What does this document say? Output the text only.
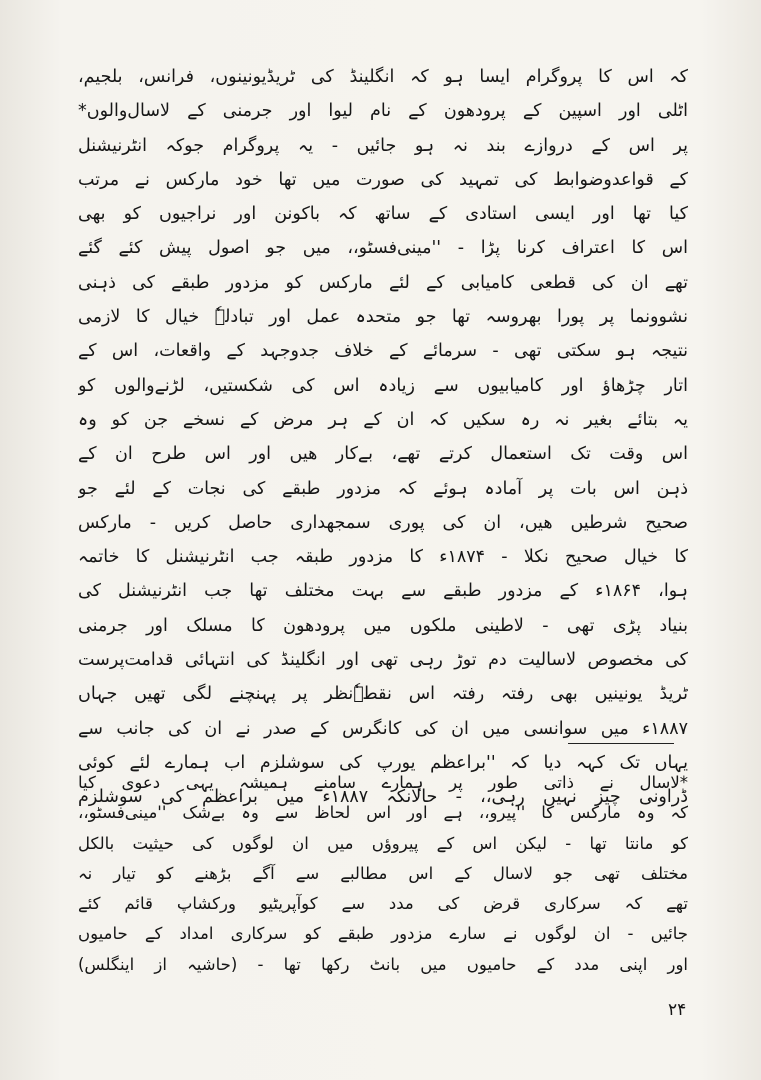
کہ اس کا پروگرام ایسا ہو کہ انگلینڈ کی ٹریڈیونینوں، فرانس، بلجیم،
اٹلی اور اسپین کے پرودھون کے نام لیوا اور جرمنی کے لاسال‌والوں*
پر اس کے دروازے بند نہ ہو جائیں - یہ پروگرام جوکہ انٹرنیشنل
کے قواعدوضوابط کی تمہید کی صورت میں تھا خود مارکس نے مرتب
کیا تھا اور ایسی استادی کے ساتھ کہ باکونن اور نراجیوں کو بھی
اس کا اعتراف کرنا پڑا - ''مینی‌فسٹو،، میں جو اصول پیش کئے گئے
تھے ان کی قطعی کامیابی کے لئے مارکس کو مزدور طبقے کی ذہنی
نشوونما پر پورا بھروسہ تھا جو متحدہ عمل اور تبادلہٗ خیال کا لازمی
نتیجہ ہو سکتی تھی - سرمائے کے خلاف جدوجہد کے واقعات، اس کے
اتار چڑھاؤ اور کامیابیوں سے زیادہ اس کی شکستیں، لڑنےوالوں کو
یہ بتائے بغیر نہ رہ سکیں کہ ان کے ہر مرض کے نسخے جن کو وہ
اس وقت تک استعمال کرتے تھے، بےکار ھیں اور اس طرح ان کے
ذہن اس بات پر آمادہ ہوئے کہ مزدور طبقے کی نجات کے لئے جو
صحیح شرطیں ھیں، ان کی پوری سمجھداری حاصل کریں - مارکس
کا خیال صحیح نکلا - ۱۸۷۴ء کا مزدور طبقہ جب انٹرنیشنل کا خاتمہ
ہوا، ۱۸۶۴ء کے مزدور طبقے سے بہت مختلف تھا جب انٹرنیشنل کی
بنیاد پڑی تھی - لاطینی ملکوں میں پرودھون کا مسلک اور جرمنی
کی مخصوص لاسالیت دم توڑ رہی تھی اور انگلینڈ کی انتہائی قدامت‌پرست
ٹریڈ یونینیں بھی رفتہ رفتہ اس نقطہٗ‌نظر پر پہنچنے لگی تھیں جہاں
۱۸۸۷ء میں سوانسی میں ان کی کانگرس کے صدر نے ان کی جانب سے
یہاں تک کہہ دیا کہ ''براعظم یورپ کی سوشلزم اب ہمارے لئے کوئی
ڈراونی چیز نہیں رہی،، - حالانکہ ۱۸۸۷ء میں براعظم کی سوشلزم
*لاسال نے ذاتی طور پر ہمارے سامنے ہمیشہ یہی دعوی کیا
کہ وہ مارکس کا ''پیرو،، ہے اور اس لحاظ سے وہ بےشک ''مینی‌فسٹو،،
کو مانتا تھا - لیکن اس کے پیروؤں میں ان لوگوں کی حیثیت بالکل
مختلف تھی جو لاسال کے اس مطالبے سے آگے بڑھنے کو تیار نہ
تھے کہ سرکاری قرض کی مدد سے کوآپریٹیو ورکشاپ قائم کئے
جائیں - ان لوگوں نے سارے مزدور طبقے کو سرکاری امداد کے حامیوں
اور اپنی مدد کے حامیوں میں بانٹ رکھا تھا - (حاشیہ از اینگلس)
۲۴
